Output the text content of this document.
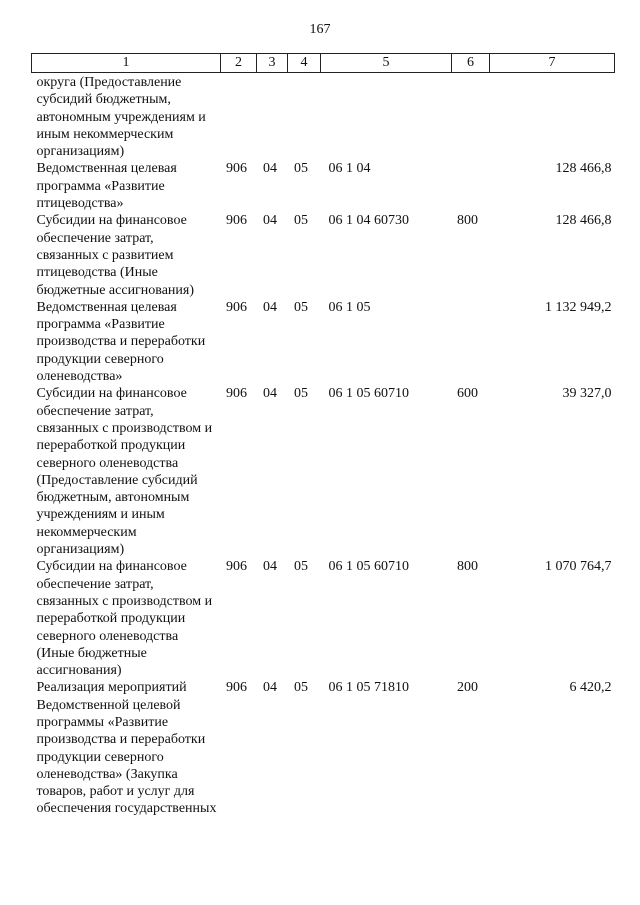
167
1	2	3	4	5	6	7
округа (Предоставление субсидий бюджетным, автономным учреждениям и иным некоммерческим организациям)						
Ведомственная целевая программа «Развитие птицеводства»	906	04	05	06 1 04		128 466,8
Субсидии на финансовое обеспечение затрат, связанных с развитием птицеводства (Иные бюджетные ассигнования)	906	04	05	06 1 04 60730	800	128 466,8
Ведомственная целевая программа «Развитие производства и переработки продукции северного оленеводства»	906	04	05	06 1 05		1 132 949,2
Субсидии на финансовое обеспечение затрат, связанных с производством и переработкой продукции северного оленеводства (Предоставление субсидий бюджетным, автономным учреждениям и иным некоммерческим организациям)	906	04	05	06 1 05 60710	600	39 327,0
Субсидии на финансовое обеспечение затрат, связанных с производством и переработкой продукции северного оленеводства (Иные бюджетные ассигнования)	906	04	05	06 1 05 60710	800	1 070 764,7
Реализация мероприятий Ведомственной целевой программы «Развитие производства и переработки продукции северного оленеводства» (Закупка товаров, работ и услуг для обеспечения государственных	906	04	05	06 1 05 71810	200	6 420,2
